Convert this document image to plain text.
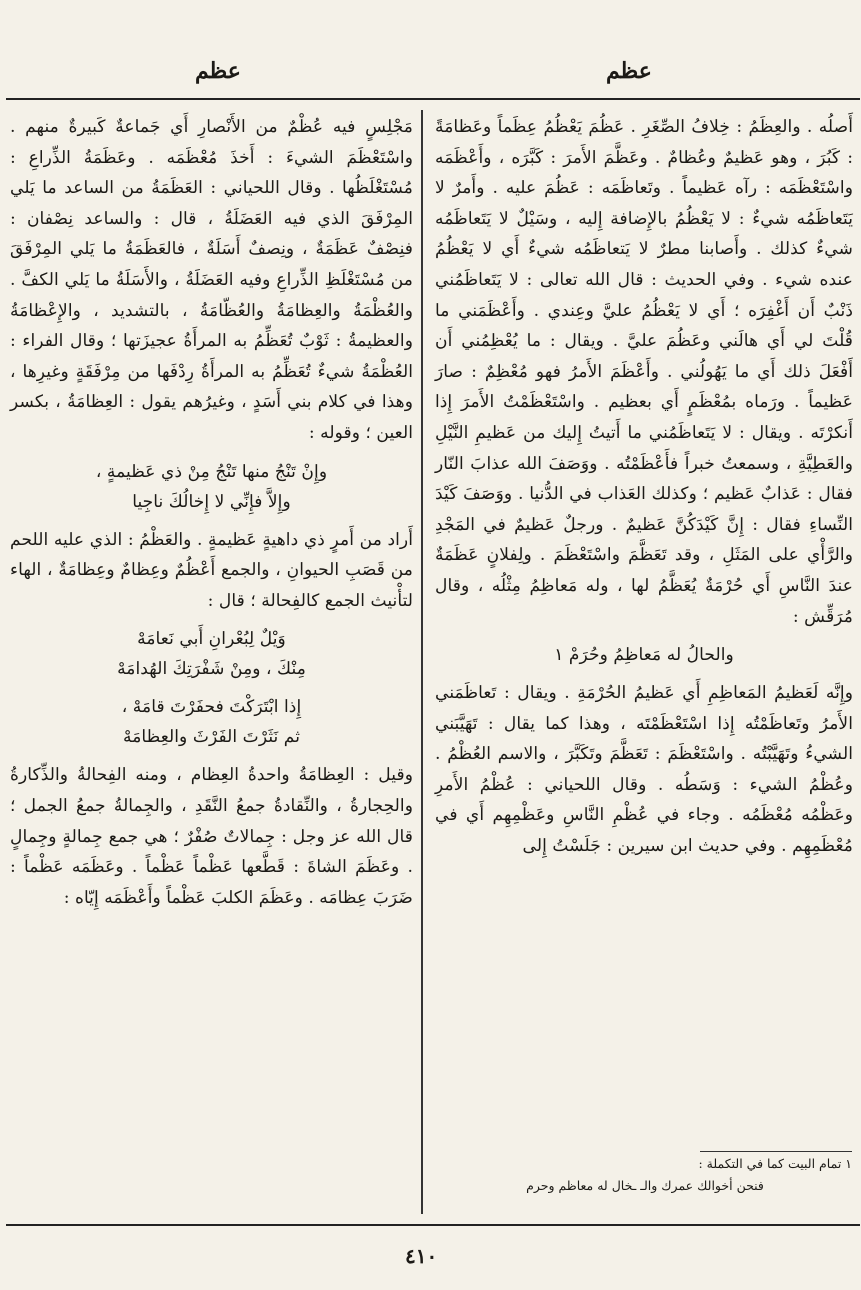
عظم
عظم

أَصلُه . والعِظَمُ : خِلافُ الصِّغَرِ . عَظُمَ يَعْظُمُ عِظَماً وعَظامَةً : كَبُرَ ، وهو عَظيمٌ وعُظامٌ . وعَظَّمَ الأَمرَ : كَبَّرَه ، وأَعْظَمَه واسْتَعْظَمَه : رآه عَظيماً . وتَعاظَمَه : عَظُمَ عليه . وأَمرٌ لا يَتَعاظَمُه شيءٌ : لا يَعْظُمُ بالإِضافة إِليه ، وسَيْلٌ لا يَتَعاظَمُه شيءٌ كذلك . وأَصابنا مطرٌ لا يَتعاظَمُه شيءٌ أَي لا يَعْظُمُ عنده شيء . وفي الحديث : قال الله تعالى : لا يَتَعاظَمُني ذَنْبٌ أَن أَغْفِرَه ؛ أَي لا يَعْظُمُ عليَّ وعِندي . وأَعْظَمَني ما قُلْتَ لي أَي هالَني وعَظُمَ عليَّ . ويقال : ما يُعْظِمُني أَن أَفْعَلَ ذلك أَي ما يَهُولُني . وأَعْظَمَ الأَمرُ فهو مُعْظِمٌ : صارَ عَظيماً . ورَماه بمُعْظَمٍ أَي بعظيم . واسْتَعْظَمْتُ الأَمرَ إِذا أَنكرْتَه . ويقال : لا يَتَعاظَمُني ما أَتيتُ إِليك من عَظيمِ النَّيْلِ والعَطِيَّةِ ، وسمعتُ خبراً فأَعْظَمْتُه . ووَصَفَ الله عذابَ النّار فقال : عَذابٌ عَظيم ؛ وكذلك العَذاب في الدُّنيا . ووَصَفَ كَيْدَ النِّساءِ فقال : إِنَّ كَيْدَكُنَّ عَظيمٌ . ورجلٌ عَظيمٌ في المَجْدِ والرَّأْي على المَثَلِ ، وقد تَعَظَّمَ واسْتَعْظَمَ . ولِفلانٍ عَظَمَةٌ عندَ النَّاسِ أَي حُرْمَةٌ يُعَظَّمُ لها ، وله مَعاظِمُ مِثْلُه ، وقال مُرَقِّش :

والحالُ له مَعاظِمُ وحُرَمْ ١

وإِنَّه لَعَظيمُ المَعاظِمِ أَي عَظيمُ الحُرْمَةِ . ويقال : تَعاظَمَني الأَمرُ وتَعاظَمْتُه إِذا اسْتَعْظَمْتَه ، وهذا كما يقال : تَهَيَّبَني الشيءُ وتَهَيَّبْتُه . واسْتَعْظَمَ : تَعَظَّمَ وتَكَبَّرَ ، والاسم العُظْمُ . وعُظْمُ الشيء : وَسَطُه . وقال اللحياني : عُظْمُ الأَمرِ وعَظْمُه مُعْظَمُه . وجاء في عُظْمِ النَّاسِ وعَظْمِهِم أَي في مُعْظَمِهِم . وفي حديث ابن سيرين : جَلَسْتُ إِلى

١ تمام البيت كما في التكملة :
فنحن أخوالك عمرك والـ ـخال له معاظم وحرم

مَجْلِسٍ فيه عُظْمٌ من الأَنْصارِ أَي جَماعةٌ كَبيرةٌ منهم . واسْتَعْظَمَ الشيءَ : أَخذَ مُعْظَمَه . وعَظَمَةُ الذِّراعِ : مُسْتَغْلَظُها . وقال اللحياني : العَظَمَةُ من الساعد ما يَلي المِرْفَقَ الذي فيه العَضَلَةُ ، قال : والساعد نِصْفان : فنِصْفٌ عَظَمَةٌ ، ونِصفٌ أَسَلَةٌ ، فالعَظَمَةُ ما يَلي المِرْفَقَ من مُسْتَغْلَظِ الذِّراعِ وفيه العَضَلَةُ ، والأَسَلَةُ ما يَلي الكفَّ . والعُظْمَةُ والعِظامَةُ والعُظّامَةُ ، بالتشديد ، والإِعْظامَةُ والعظيمةُ : ثَوْبٌ تُعَظِّمُ به المرأَةُ عجيزَتها ؛ وقال الفراء : العُظْمَةُ شيءٌ تُعَظِّمُ به المرأَةُ رِدْفَها من مِرْفَقَةٍ وغيرِها ، وهذا في كلام بني أَسَدٍ ، وغيرُهم يقول : العِظامَةُ ، بكسر العين ؛ وقوله :

وإِنْ تَنْجُ منها تَنْجُ مِنْ ذي عَظيمةٍ ،
وإِلاَّ فإِنِّي لا إِخالُكَ ناجِيا

أَراد من أَمرٍ ذي داهيةٍ عَظيمةٍ . والعَظْمُ : الذي عليه اللحم من قَصَبِ الحيوانِ ، والجمع أَعْظُمٌ وعِظامٌ وعِظامَةٌ ، الهاء لتأْنيث الجمع كالفِحالة ؛ قال :

وَيْلٌ لِبُعْرانِ أَبي نَعامَهْ
مِنْكَ ، ومِنْ شَفْرَتِكَ الهُدامَهْ
إِذا ابْتَرَكْتَ فحفَرْتَ قامَهْ ،
ثم نَثَرْتَ الفَرْثَ والعِظامَهْ

وقيل : العِظامَةُ واحدةُ العِظام ، ومنه الفِحالةُ والذِّكارةُ والحِجارةُ ، والنِّقادةُ جمعُ النَّقَدِ ، والجِمالةُ جمعُ الجمل ؛ قال الله عز وجل : جِمالاتٌ صُفْرٌ ؛ هي جمع جِمالةٍ وجِمالٍ . وعَظَمَ الشاةَ : قَطَّعها عَظْماً عَظْماً . وعَظَمَه عَظْماً : ضَرَبَ عِظامَه . وعَظَمَ الكلبَ عَظْماً وأَعْظَمَه إِيّاه :

٤١٠
